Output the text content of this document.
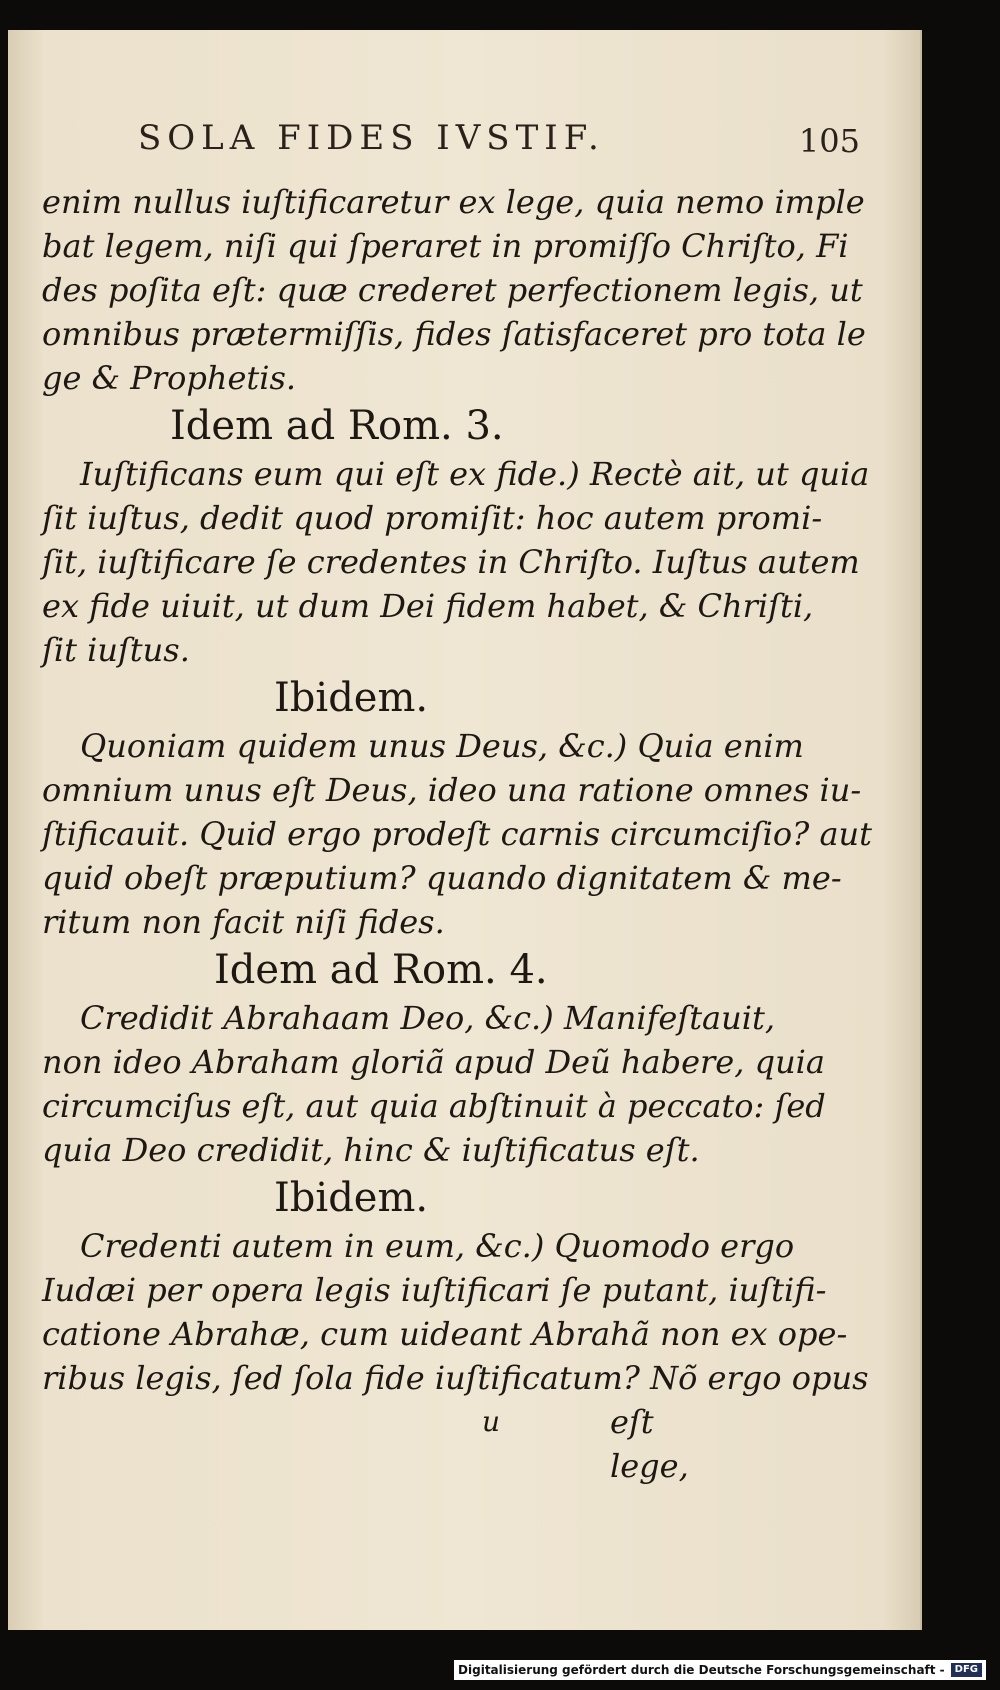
SOLA FIDES IVSTIF.	105
enim nullus iuſtificaretur ex lege, quia nemo imple
bat legem, niſi qui ſperaret in promiſſo Chriſto, Fi
des poſita eſt: quæ crederet perfectionem legis, ut
omnibus prætermiſſis, fides ſatisfaceret pro tota le
ge & Prophetis.
Idem ad Rom. 3.
Iuſtificans eum qui eſt ex fide.) Rectè ait, ut quia
ſit iuſtus, dedit quod promiſit: hoc autem promi-
ſit, iuſtificare ſe credentes in Chriſto. Iuſtus autem
ex fide uiuit, ut dum Dei fidem habet, & Chriſti,
ſit iuſtus.
Ibidem.
Quoniam quidem unus Deus, &c.) Quia enim
omnium unus eſt Deus, ideo una ratione omnes iu-
ſtificauit. Quid ergo prodeſt carnis circumciſio? aut
quid obeſt præputium? quando dignitatem & me-
ritum non facit niſi fides.
Idem ad Rom. 4.
Credidit Abrahaam Deo, &c.) Manifeſtauit,
non ideo Abraham gloriã apud Deũ habere, quia
circumciſus eſt, aut quia abſtinuit à peccato: ſed
quia Deo credidit, hinc & iuſtificatus eſt.
Ibidem.
Credenti autem in eum, &c.) Quomodo ergo
Iudæi per opera legis iuſtificari ſe putant, iuſtifi-
catione Abrahæ, cum uideant Abrahã non ex ope-
ribus legis, ſed ſola fide iuſtificatum? Nõ ergo opus
u	eſt lege,
Digitalisierung gefördert durch die Deutsche Forschungsgemeinschaft -	DFG
